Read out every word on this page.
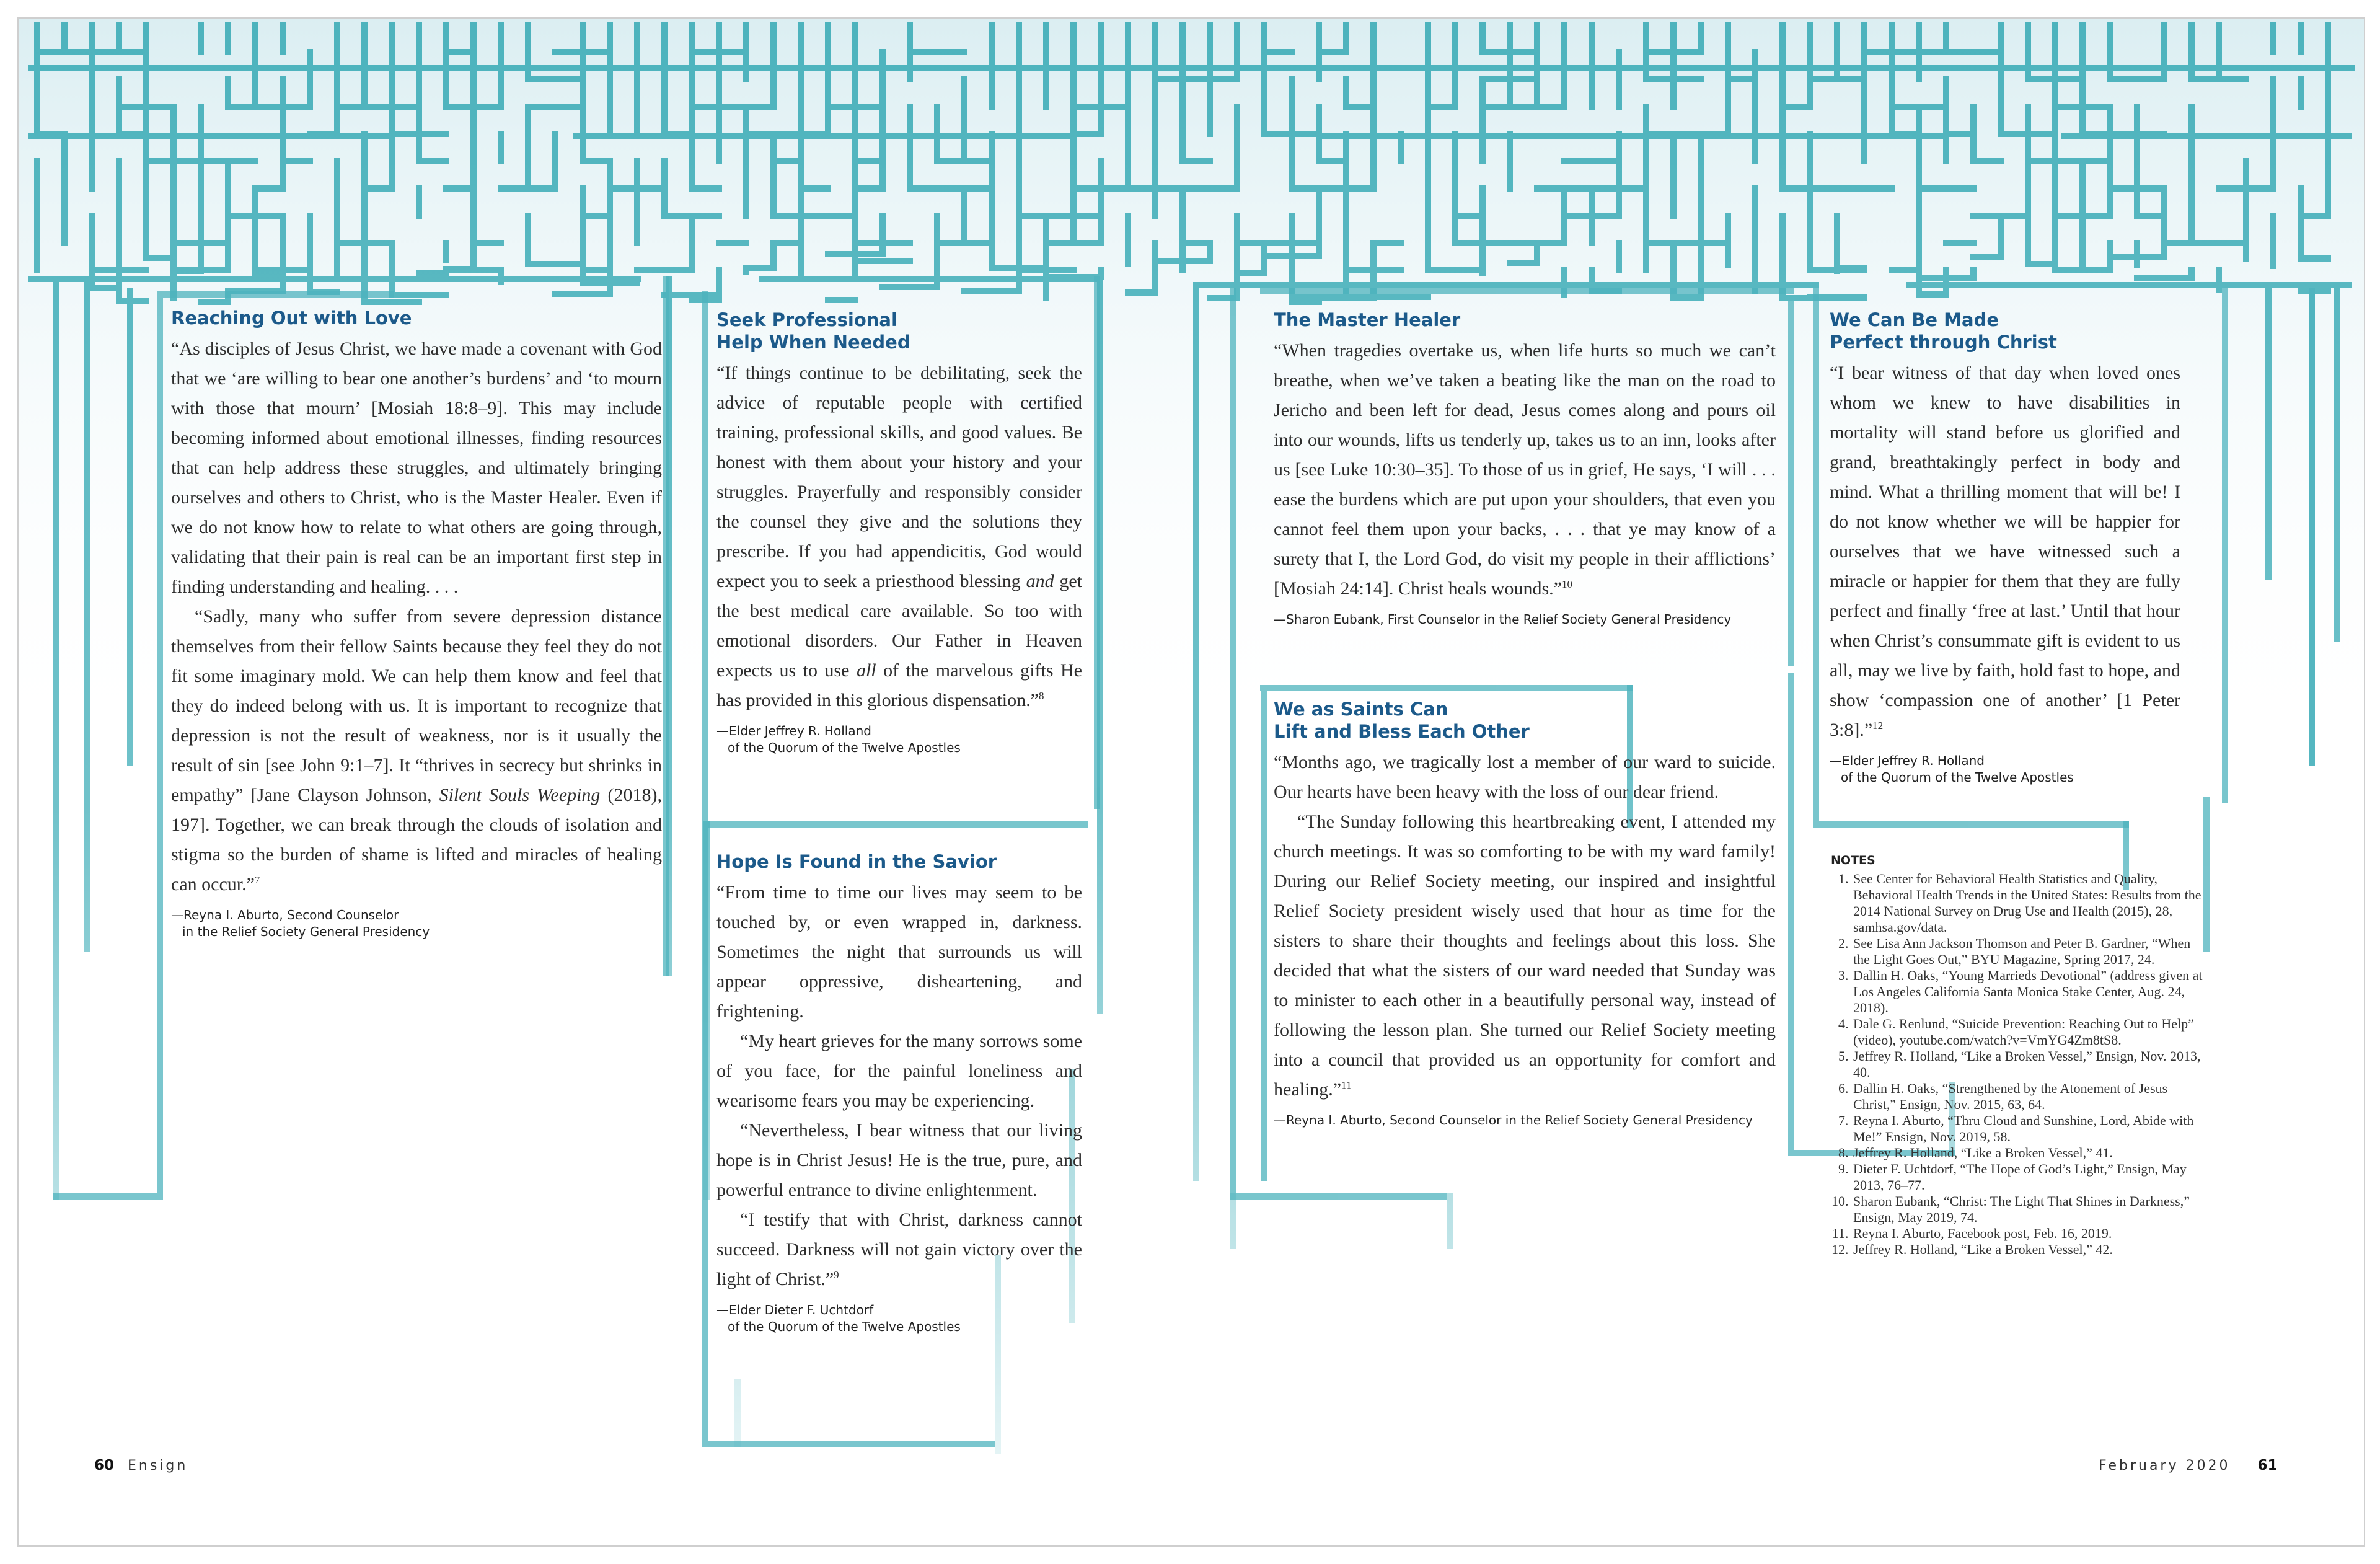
Reaching Out with Love

“As disciples of Jesus Christ, we have made a covenant with God that we ‘are willing to bear one another’s burdens’ and ‘to mourn with those that mourn’ [Mosiah 18:8–9]. This may include becoming informed about emotional illnesses, finding resources that can help address these struggles, and ultimately bringing ourselves and others to Christ, who is the Master Healer. Even if we do not know how to relate to what others are going through, validating that their pain is real can be an important first step in finding understanding and healing. . . .

“Sadly, many who suffer from severe depression distance themselves from their fellow Saints because they feel they do not fit some imaginary mold. We can help them know and feel that they do indeed belong with us. It is important to recognize that depression is not the result of weakness, nor is it usually the result of sin [see John 9:1–7]. It “thrives in secrecy but shrinks in empathy” [Jane Clayson Johnson, Silent Souls Weeping (2018), 197]. Together, we can break through the clouds of isolation and stigma so the burden of shame is lifted and miracles of healing can occur.”$^7$

—Reyna I. Aburto, Second Counselor
in the Relief Society General Presidency
Seek Professional
Help When Needed

“If things continue to be debilitating, seek the advice of reputable people with certified training, professional skills, and good values. Be honest with them about your history and your struggles. Prayerfully and responsibly consider the counsel they give and the solutions they prescribe. If you had appendicitis, God would expect you to seek a priesthood blessing and get the best medical care available. So too with emotional disorders. Our Father in Heaven expects us to use all of the marvelous gifts He has provided in this glorious dispensation.”$^8$

—Elder Jeffrey R. Holland
of the Quorum of the Twelve Apostles
Hope Is Found in the Savior

“From time to time our lives may seem to be touched by, or even wrapped in, darkness. Sometimes the night that surrounds us will appear oppressive, disheartening, and frightening.

“My heart grieves for the many sorrows some of you face, for the painful loneliness and wearisome fears you may be experiencing.

“Nevertheless, I bear witness that our living hope is in Christ Jesus! He is the true, pure, and powerful entrance to divine enlightenment.

“I testify that with Christ, darkness cannot succeed. Darkness will not gain victory over the light of Christ.”$^9$

—Elder Dieter F. Uchtdorf
of the Quorum of the Twelve Apostles
The Master Healer

“When tragedies overtake us, when life hurts so much we can’t breathe, when we’ve taken a beating like the man on the road to Jericho and been left for dead, Jesus comes along and pours oil into our wounds, lifts us tenderly up, takes us to an inn, looks after us [see Luke 10:30–35]. To those of us in grief, He says, ‘I will . . . ease the burdens which are put upon your shoulders, that even you cannot feel them upon your backs, . . . that ye may know of a surety that I, the Lord God, do visit my people in their afflictions’ [Mosiah 24:14]. Christ heals wounds.”$^{10}$

—Sharon Eubank, First Counselor in the Relief Society General Presidency
We as Saints Can
Lift and Bless Each Other

“Months ago, we tragically lost a member of our ward to suicide. Our hearts have been heavy with the loss of our dear friend.

“The Sunday following this heartbreaking event, I attended my church meetings. It was so comforting to be with my ward family! During our Relief Society meeting, our inspired and insightful Relief Society president wisely used that hour as time for the sisters to share their thoughts and feelings about this loss. She decided that what the sisters of our ward needed that Sunday was to minister to each other in a beautifully personal way, instead of following the lesson plan. She turned our Relief Society meeting into a council that provided us an opportunity for comfort and healing.”$^{11}$

—Reyna I. Aburto, Second Counselor in the Relief Society General Presidency
We Can Be Made
Perfect through Christ

“I bear witness of that day when loved ones whom we knew to have disabilities in mortality will stand before us glorified and grand, breathtakingly perfect in body and mind. What a thrilling moment that will be! I do not know whether we will be happier for ourselves that we have witnessed such a miracle or happier for them that they are fully perfect and finally ‘free at last.’ Until that hour when Christ’s consummate gift is evident to us all, may we live by faith, hold fast to hope, and show ‘compassion one of another’ [1 Peter 3:8].”$^{12}$

—Elder Jeffrey R. Holland
of the Quorum of the Twelve Apostles
NOTES
1. See Center for Behavioral Health Statistics and Quality, Behavioral Health Trends in the United States: Results from the 2014 National Survey on Drug Use and Health (2015), 28, samhsa.gov/data.
2. See Lisa Ann Jackson Thomson and Peter B. Gardner, “When the Light Goes Out,” BYU Magazine, Spring 2017, 24.
3. Dallin H. Oaks, “Young Marrieds Devotional” (address given at Los Angeles California Santa Monica Stake Center, Aug. 24, 2018).
4. Dale G. Renlund, “Suicide Prevention: Reaching Out to Help” (video), youtube.com/watch?v=VmYG4Zm8tS8.
5. Jeffrey R. Holland, “Like a Broken Vessel,” Ensign, Nov. 2013, 40.
6. Dallin H. Oaks, “Strengthened by the Atonement of Jesus Christ,” Ensign, Nov. 2015, 63, 64.
7. Reyna I. Aburto, “Thru Cloud and Sunshine, Lord, Abide with Me!” Ensign, Nov. 2019, 58.
8. Jeffrey R. Holland, “Like a Broken Vessel,” 41.
9. Dieter F. Uchtdorf, “The Hope of God’s Light,” Ensign, May 2013, 76–77.
10. Sharon Eubank, “Christ: The Light That Shines in Darkness,” Ensign, May 2019, 74.
11. Reyna I. Aburto, Facebook post, Feb. 16, 2019.
12. Jeffrey R. Holland, “Like a Broken Vessel,” 42.
60 Ensign	February 2020 61
